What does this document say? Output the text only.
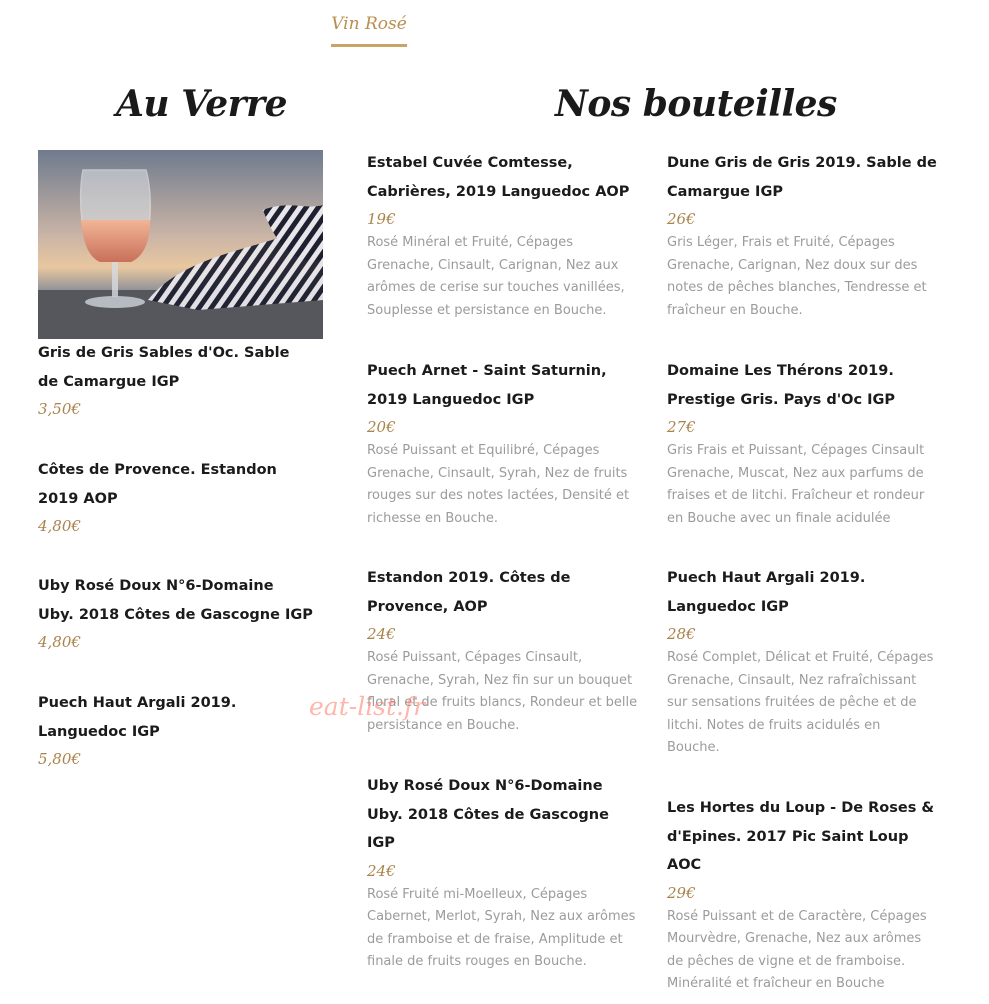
Vin Rosé
Au Verre	Nos bouteilles

Gris de Gris Sables d'Oc. Sable de Camargue IGP

3,50€

Côtes de Provence. Estandon 2019 AOP

4,80€

Uby Rosé Doux N°6-Domaine Uby. 2018 Côtes de Gascogne IGP

4,80€

Puech Haut Argali 2019. Languedoc IGP

5,80€

Estabel Cuvée Comtesse, Cabrières, 2019 Languedoc AOP

19€

Rosé Minéral et Fruité, Cépages Grenache, Cinsault, Carignan, Nez aux arômes de cerise sur touches vanillées, Souplesse et persistance en Bouche.

Puech Arnet - Saint Saturnin, 2019 Languedoc IGP

20€

Rosé Puissant et Equilibré, Cépages Grenache, Cinsault, Syrah, Nez de fruits rouges sur des notes lactées, Densité et richesse en Bouche.

Estandon 2019. Côtes de Provence, AOP

24€

Rosé Puissant, Cépages Cinsault, Grenache, Syrah, Nez fin sur un bouquet floral et de fruits blancs, Rondeur et belle persistance en Bouche.

Uby Rosé Doux N°6-Domaine Uby. 2018 Côtes de Gascogne IGP

24€

Rosé Fruité mi-Moelleux, Cépages Cabernet, Merlot, Syrah, Nez aux arômes de framboise et de fraise, Amplitude et finale de fruits rouges en Bouche.

Dune Gris de Gris 2019. Sable de Camargue IGP

26€

Gris Léger, Frais et Fruité, Cépages Grenache, Carignan, Nez doux sur des notes de pêches blanches, Tendresse et fraîcheur en Bouche.

Domaine Les Thérons 2019. Prestige Gris. Pays d'Oc IGP

27€

Gris Frais et Puissant, Cépages Cinsault Grenache, Muscat, Nez aux parfums de fraises et de litchi. Fraîcheur et rondeur en Bouche avec un finale acidulée

Puech Haut Argali 2019. Languedoc IGP

28€

Rosé Complet, Délicat et Fruité, Cépages Grenache, Cinsault, Nez rafraîchissant sur sensations fruitées de pêche et de litchi. Notes de fruits acidulés en Bouche.

Les Hortes du Loup - De Roses & d'Epines. 2017 Pic Saint Loup AOC

29€

Rosé Puissant et de Caractère, Cépages Mourvèdre, Grenache, Nez aux arômes de pêches de vigne et de framboise. Minéralité et fraîcheur en Bouche

eat-list.fr
